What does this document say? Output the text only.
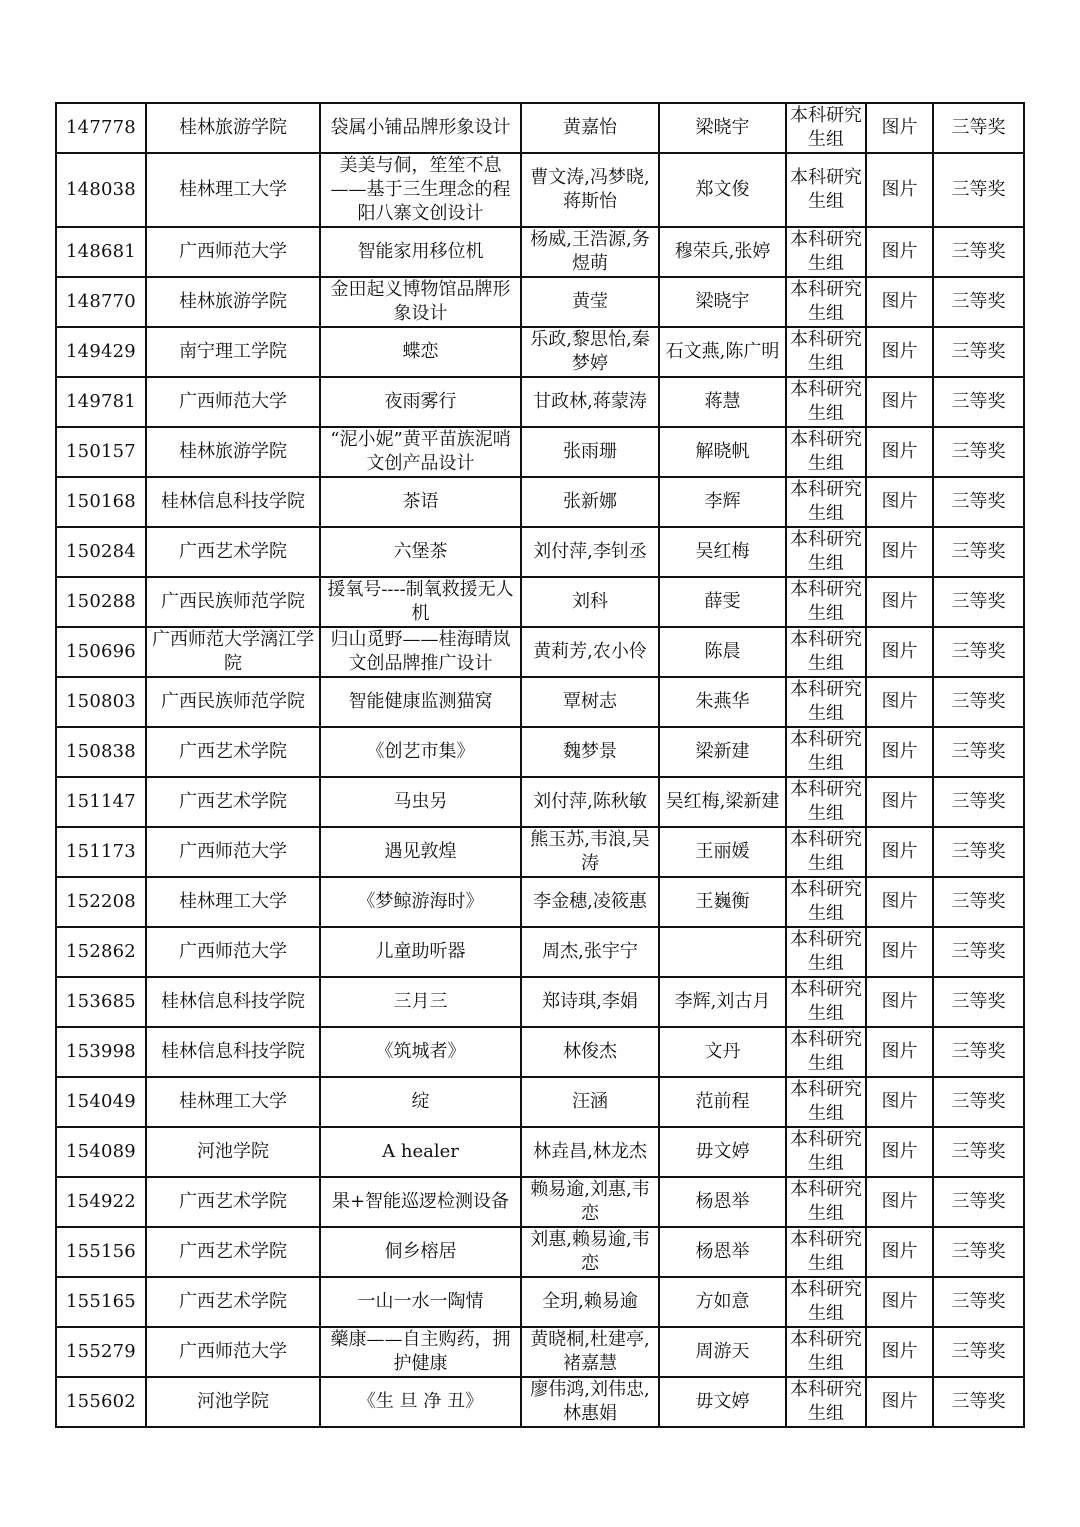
147778	桂林旅游学院	袋属小铺品牌形象设计	黄嘉怡	梁晓宇	本科研究生组	图片	三等奖
148038	桂林理工大学	美美与侗，笙笙不息——基于三生理念的程阳八寨文创设计	曹文涛,冯梦晓,蒋斯怡	郑文俊	本科研究生组	图片	三等奖
148681	广西师范大学	智能家用移位机	杨威,王浩源,务煜萌	穆荣兵,张婷	本科研究生组	图片	三等奖
148770	桂林旅游学院	金田起义博物馆品牌形象设计	黄莹	梁晓宇	本科研究生组	图片	三等奖
149429	南宁理工学院	蝶恋	乐政,黎思怡,秦梦婷	石文燕,陈广明	本科研究生组	图片	三等奖
149781	广西师范大学	夜雨雾行	甘政林,蒋蒙涛	蒋慧	本科研究生组	图片	三等奖
150157	桂林旅游学院	“泥小妮”黄平苗族泥哨文创产品设计	张雨珊	解晓帆	本科研究生组	图片	三等奖
150168	桂林信息科技学院	茶语	张新娜	李辉	本科研究生组	图片	三等奖
150284	广西艺术学院	六堡茶	刘付萍,李钊丞	吴红梅	本科研究生组	图片	三等奖
150288	广西民族师范学院	援氧号----制氧救援无人机	刘科	薛雯	本科研究生组	图片	三等奖
150696	广西师范大学漓江学院	归山觅野——桂海晴岚文创品牌推广设计	黄莉芳,农小伶	陈晨	本科研究生组	图片	三等奖
150803	广西民族师范学院	智能健康监测猫窝	覃树志	朱燕华	本科研究生组	图片	三等奖
150838	广西艺术学院	《创艺市集》	魏梦景	梁新建	本科研究生组	图片	三等奖
151147	广西艺术学院	马虫另	刘付萍,陈秋敏	吴红梅,梁新建	本科研究生组	图片	三等奖
151173	广西师范大学	遇见敦煌	熊玉苏,韦浪,吴涛	王丽媛	本科研究生组	图片	三等奖
152208	桂林理工大学	《梦鲸游海时》	李金穗,凌筱惠	王巍衡	本科研究生组	图片	三等奖
152862	广西师范大学	儿童助听器	周杰,张宇宁		本科研究生组	图片	三等奖
153685	桂林信息科技学院	三月三	郑诗琪,李娟	李辉,刘古月	本科研究生组	图片	三等奖
153998	桂林信息科技学院	《筑城者》	林俊杰	文丹	本科研究生组	图片	三等奖
154049	桂林理工大学	绽	汪涵	范前程	本科研究生组	图片	三等奖
154089	河池学院	A healer	林垚昌,林龙杰	毋文婷	本科研究生组	图片	三等奖
154922	广西艺术学院	果+智能巡逻检测设备	赖易逾,刘惠,韦恋	杨恩举	本科研究生组	图片	三等奖
155156	广西艺术学院	侗乡榕居	刘惠,赖易逾,韦恋	杨恩举	本科研究生组	图片	三等奖
155165	广西艺术学院	一山一水一陶情	全玥,赖易逾	方如意	本科研究生组	图片	三等奖
155279	广西师范大学	藥康——自主购药，拥护健康	黄晓桐,杜建亭,褚嘉慧	周游天	本科研究生组	图片	三等奖
155602	河池学院	《生 旦 净 丑》	廖伟鸿,刘伟忠,林惠娟	毋文婷	本科研究生组	图片	三等奖
